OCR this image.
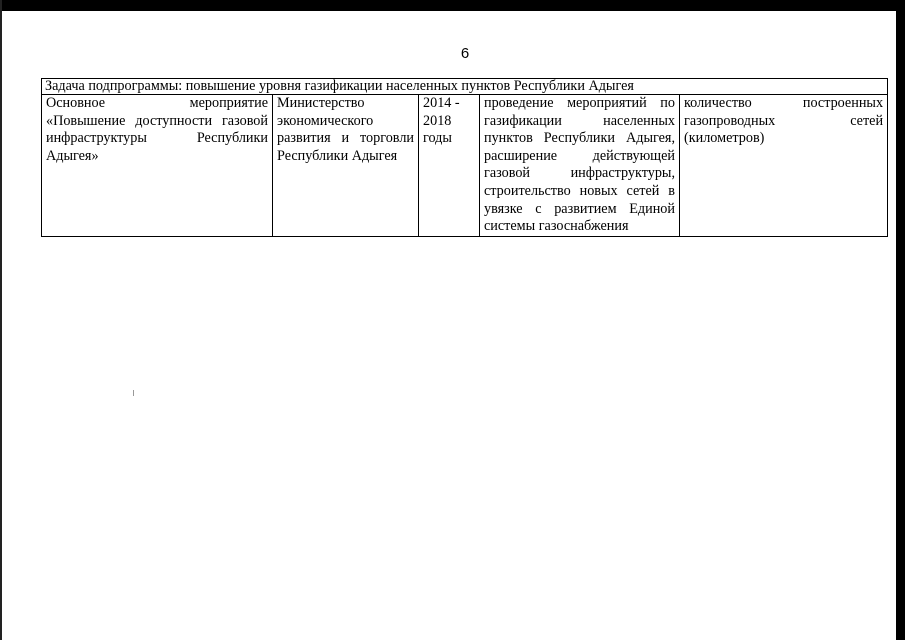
6
Задача подпрограммы: повышение уровня газификации населенных пунктов Республики Адыгея
Основное мероприятие «Повышение доступности газовой инфраструктуры Республики Адыгея»	Министерство экономического развития и торговли Республики Адыгея	2014 -
2018
годы	проведение мероприятий по газификации населенных пунктов Республики Адыгея, расширение действующей газовой инфраструктуры, строительство новых сетей в увязке с развитием Единой системы газоснабжения	количество построенных газопроводных сетей (километров)
